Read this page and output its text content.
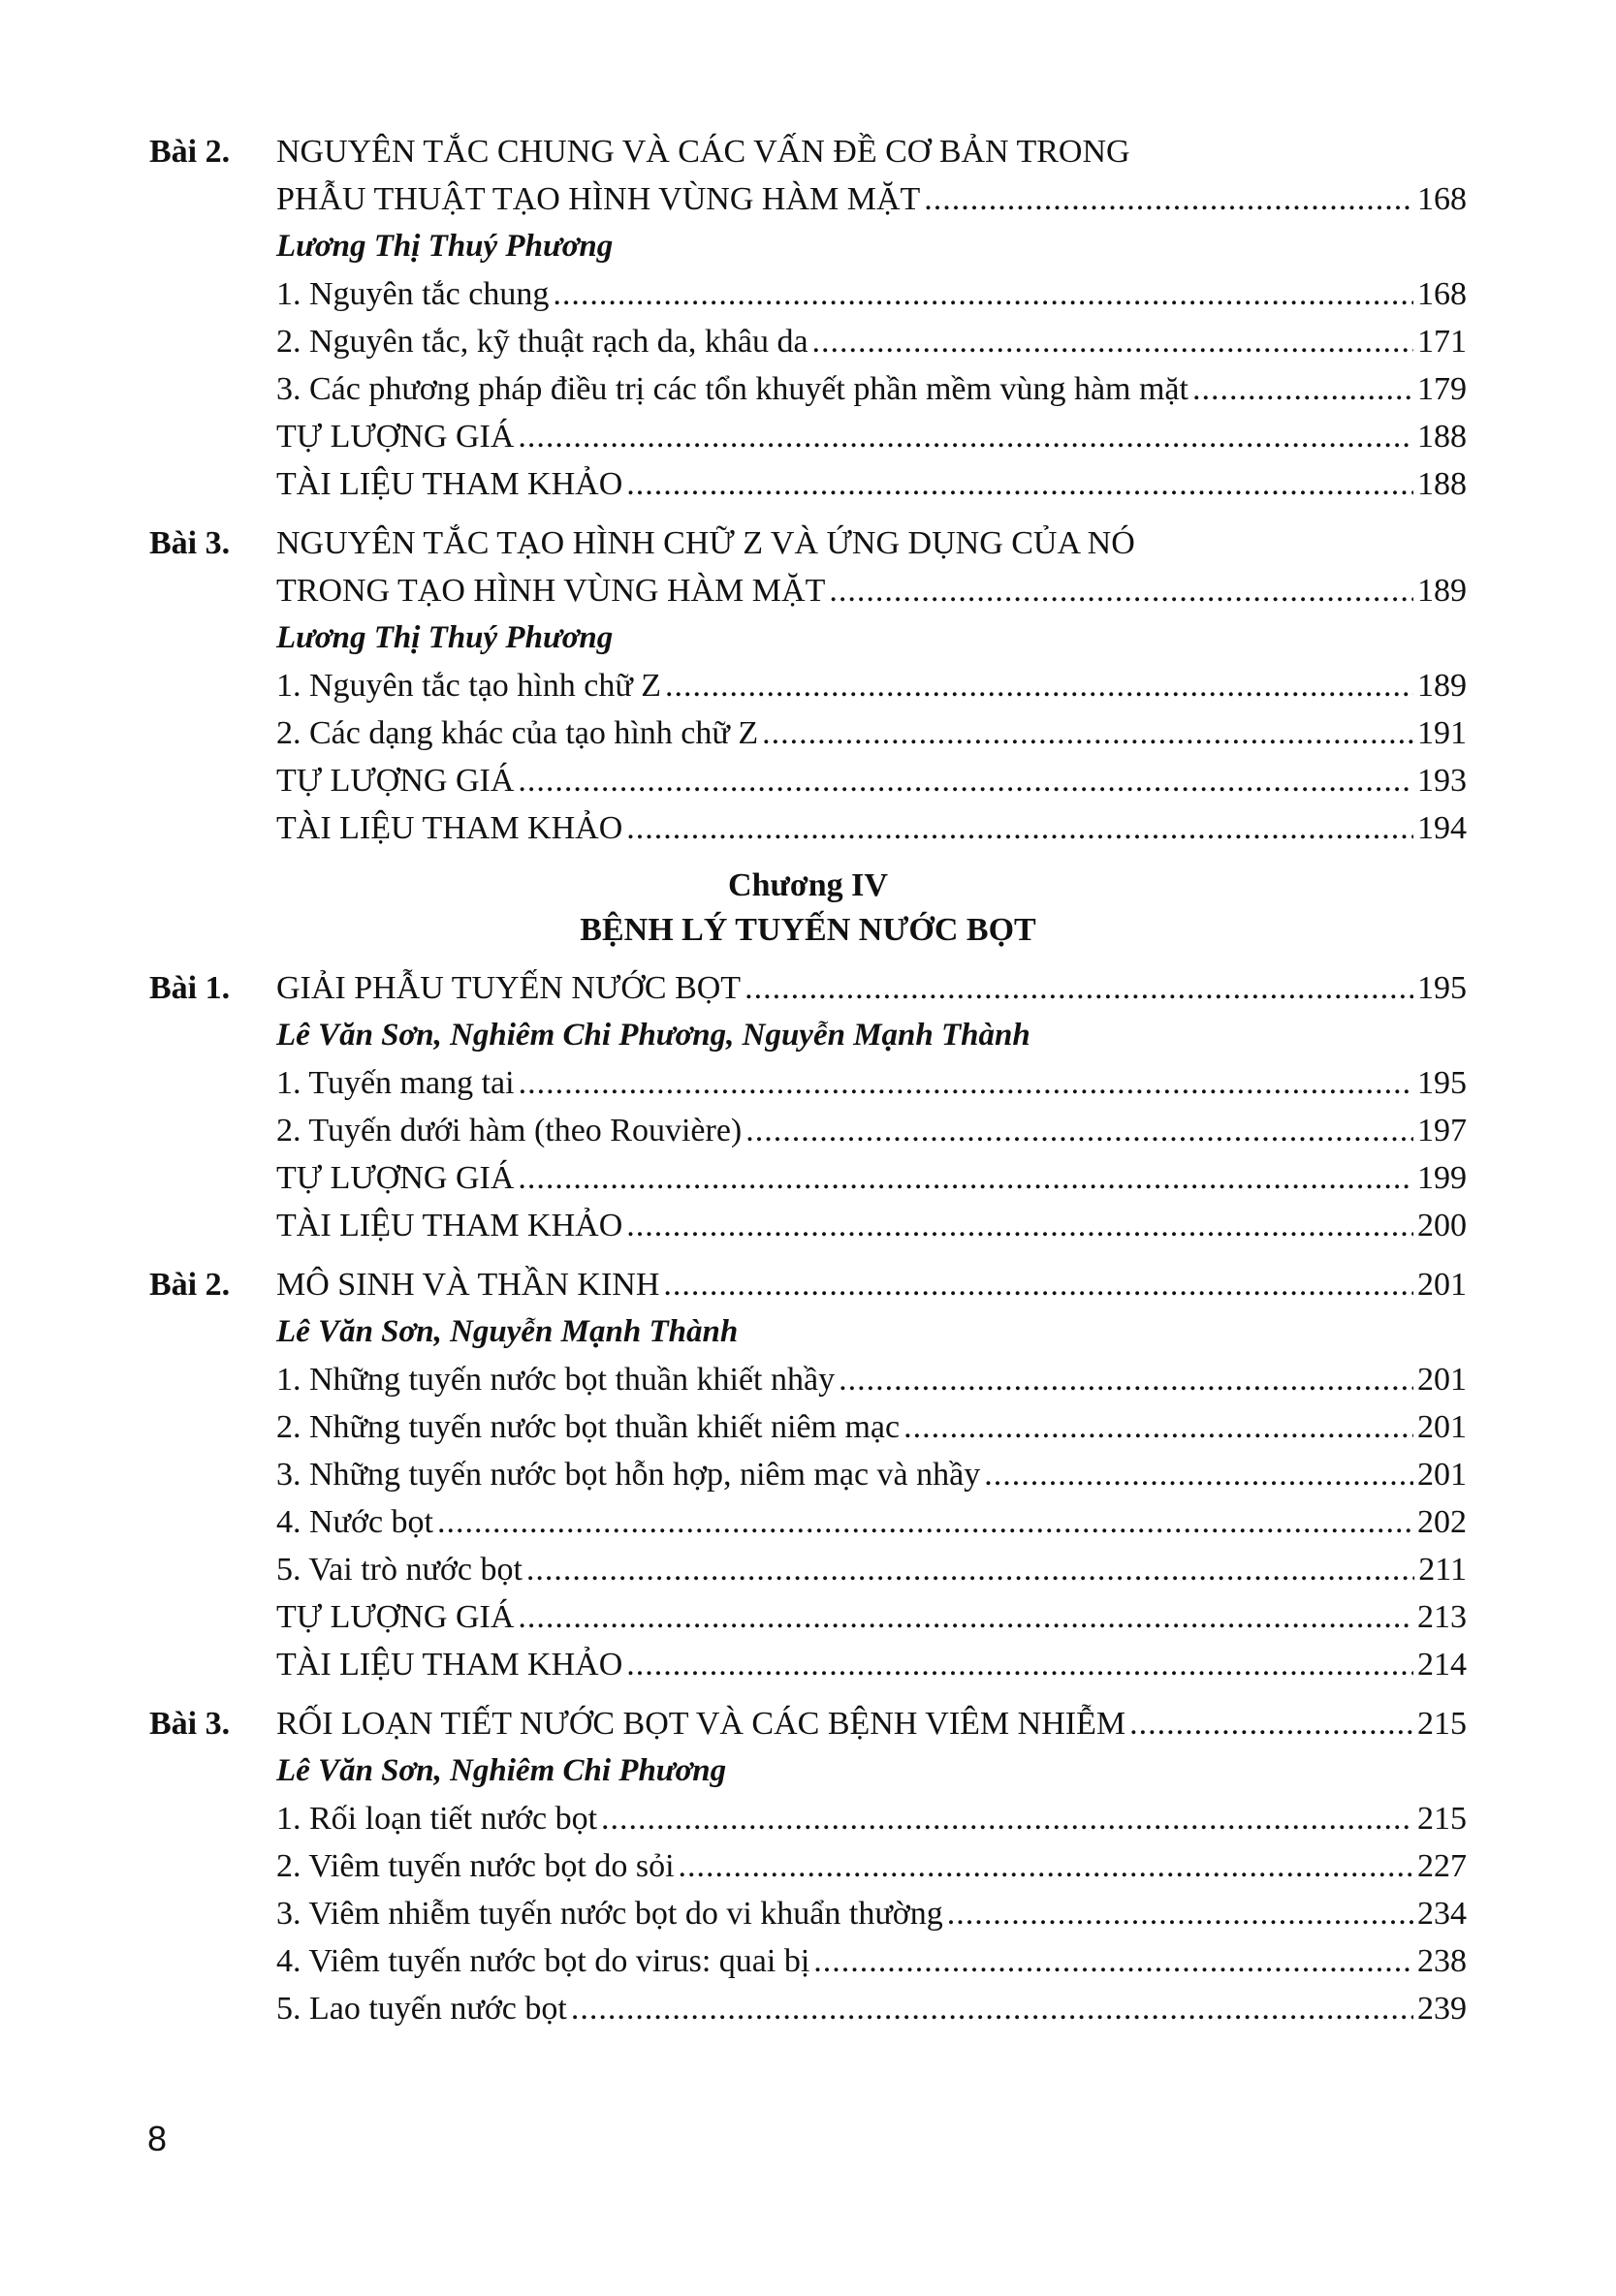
Bài 2. NGUYÊN TẮC CHUNG VÀ CÁC VẤN ĐỀ CƠ BẢN TRONG
PHẪU THUẬT TẠO HÌNH VÙNG HÀM MẶT .....	168
Lương Thị Thuý Phương
1. Nguyên tắc chung .....	168
2. Nguyên tắc, kỹ thuật rạch da, khâu da .....	171
3. Các phương pháp điều trị các tổn khuyết phần mềm vùng hàm mặt .....	179
TỰ LƯỢNG GIÁ .....	188
TÀI LIỆU THAM KHẢO .....	188
Bài 3. NGUYÊN TẮC TẠO HÌNH CHỮ Z VÀ ỨNG DỤNG CỦA NÓ
TRONG TẠO HÌNH VÙNG HÀM MẶT .....	189
Lương Thị Thuý Phương
1. Nguyên tắc tạo hình chữ Z .....	189
2. Các dạng khác của tạo hình chữ Z .....	191
TỰ LƯỢNG GIÁ .....	193
TÀI LIỆU THAM KHẢO .....	194
Chương IV
BỆNH LÝ TUYẾN NƯỚC BỌT
Bài 1. GIẢI PHẪU TUYẾN NƯỚC BỌT .....	195
Lê Văn Sơn, Nghiêm Chi Phương, Nguyễn Mạnh Thành
1. Tuyến mang tai .....	195
2. Tuyến dưới hàm (theo Rouvière) .....	197
TỰ LƯỢNG GIÁ .....	199
TÀI LIỆU THAM KHẢO .....	200
Bài 2. MÔ SINH VÀ THẦN KINH .....	201
Lê Văn Sơn, Nguyễn Mạnh Thành
1. Những tuyến nước bọt thuần khiết nhầy .....	201
2. Những tuyến nước bọt thuần khiết niêm mạc .....	201
3. Những tuyến nước bọt hỗn hợp, niêm mạc và nhầy .....	201
4. Nước bọt .....	202
5. Vai trò nước bọt .....	211
TỰ LƯỢNG GIÁ .....	213
TÀI LIỆU THAM KHẢO .....	214
Bài 3. RỐI LOẠN TIẾT NƯỚC BỌT VÀ CÁC BỆNH VIÊM NHIỄM .....	215
Lê Văn Sơn, Nghiêm Chi Phương
1. Rối loạn tiết nước bọt .....	215
2. Viêm tuyến nước bọt do sỏi .....	227
3. Viêm nhiễm tuyến nước bọt do vi khuẩn thường .....	234
4. Viêm tuyến nước bọt do virus: quai bị .....	238
5. Lao tuyến nước bọt .....	239
8
